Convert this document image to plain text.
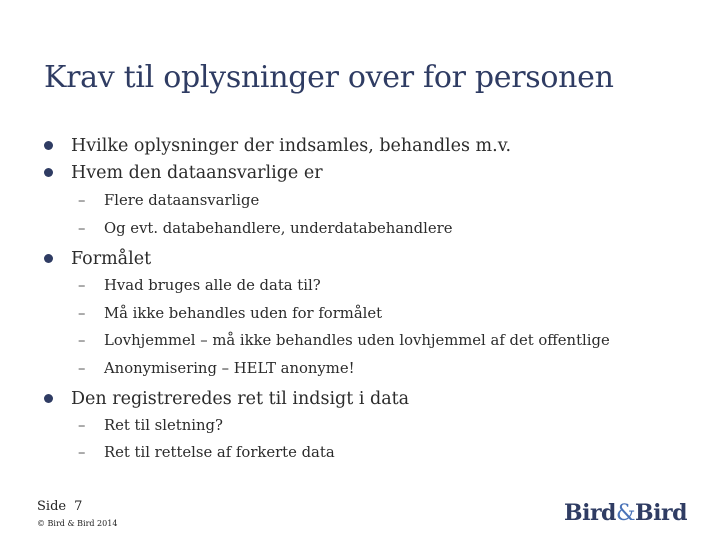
Krav til oplysninger over for personen
Hvilke oplysninger der indsamles, behandles m.v.
Hvem den dataansvarlige er
– Flere dataansvarlige
– Og evt. databehandlere, underdatabehandlere
Formålet
– Hvad bruges alle de data til?
– Må ikke behandles uden for formålet
– Lovhjemmel – må ikke behandles uden lovhjemmel af det offentlige
– Anonymisering – HELT anonyme!
Den registreredes ret til indsigt i data
– Ret til sletning?
– Ret til rettelse af forkerte data
Side 7
© Bird & Bird 2014	Bird&Bird
